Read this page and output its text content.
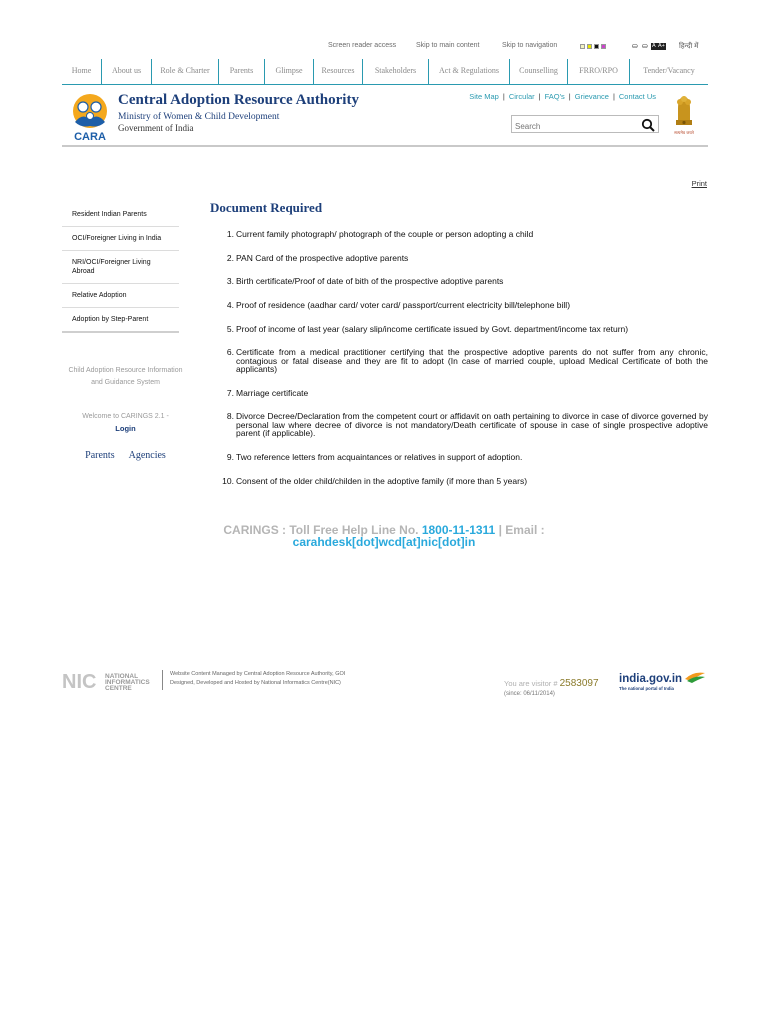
Screen reader access	Skip to main content	Skip to navigation	⛀ ⛀ A A+ हिन्दी में
Home	About us	Role & Charter	Parents	Glimpse	Resources	Stakeholders	Act & Regulations	Counselling	FRRO/RPO	Tender/Vacancy
CARA
Central Adoption Resource Authority
Ministry of Women & Child Development
Government of India
Site Map | Circular | FAQ's | Grievance | Contact Us
Search
सत्यमेव जयते
Print
Resident Indian Parents
OCI/Foreigner Living in India
NRI/OCI/Foreigner Living Abroad
Relative Adoption
Adoption by Step-Parent
Child Adoption Resource Information and Guidance System
Welcome to CARINGS 2.1 -
Login
Parents Agencies
Document Required
1. Current family photograph/ photograph of the couple or person adopting a child
2. PAN Card of the prospective adoptive parents
3. Birth certificate/Proof of date of bith of the prospective adoptive parents
4. Proof of residence (aadhar card/ voter card/ passport/current electricity bill/telephone bill)
5. Proof of income of last year (salary slip/income certificate issued by Govt. department/income tax return)
6. Certificate from a medical practitioner certifying that the prospective adoptive parents do not suffer from any chronic, contagious or fatal disease and they are fit to adopt (In case of married couple, upload Medical Certificate of both the applicants)
7. Marriage certificate
8. Divorce Decree/Declaration from the competent court or affidavit on oath pertaining to divorce in case of divorce governed by personal law where decree of divorce is not mandatory/Death certificate of spouse in case of single prospective adoptive parent (if applicable).
9. Two reference letters from acquaintances or relatives in support of adoption.
10. Consent of the older child/childen in the adoptive family (if more than 5 years)
CARINGS : Toll Free Help Line No. 1800-11-1311 | Email :
carahdesk[dot]wcd[at]nic[dot]in
NIC NATIONAL
INFORMATICS
CENTRE
Website Content Managed by Central Adoption Resource Authority, GOI
Designed, Developed and Hosted by National Informatics Centre(NIC)	You are visitor # 2583097
(since: 06/11/2014)
india.gov.in
The national portal of India
